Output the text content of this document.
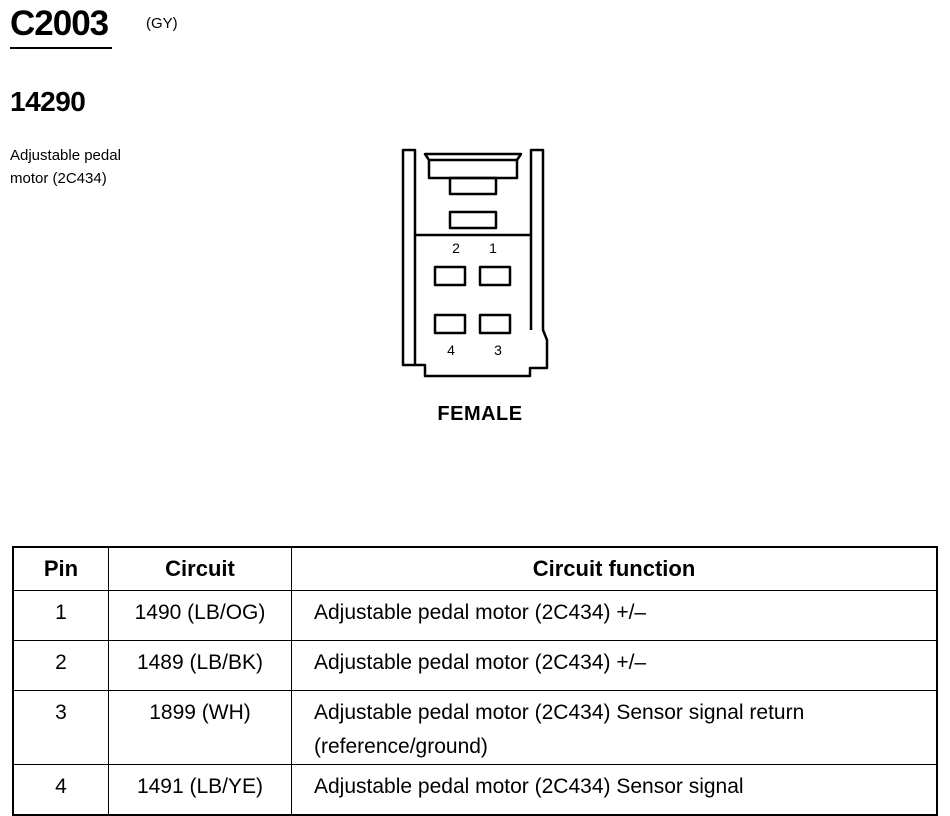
C2003	(GY)
14290
Adjustable pedal
motor (2C434)
2 1
4	3
FEMALE
Pin	Circuit	Circuit function
1	1490 (LB/OG)	Adjustable pedal motor (2C434) +/–

2	1489 (LB/BK)	Adjustable pedal motor (2C434) +/–

3	1899 (WH)	Adjustable pedal motor (2C434) Sensor signal return
(reference/ground)

4	1491 (LB/YE)	Adjustable pedal motor (2C434) Sensor signal
